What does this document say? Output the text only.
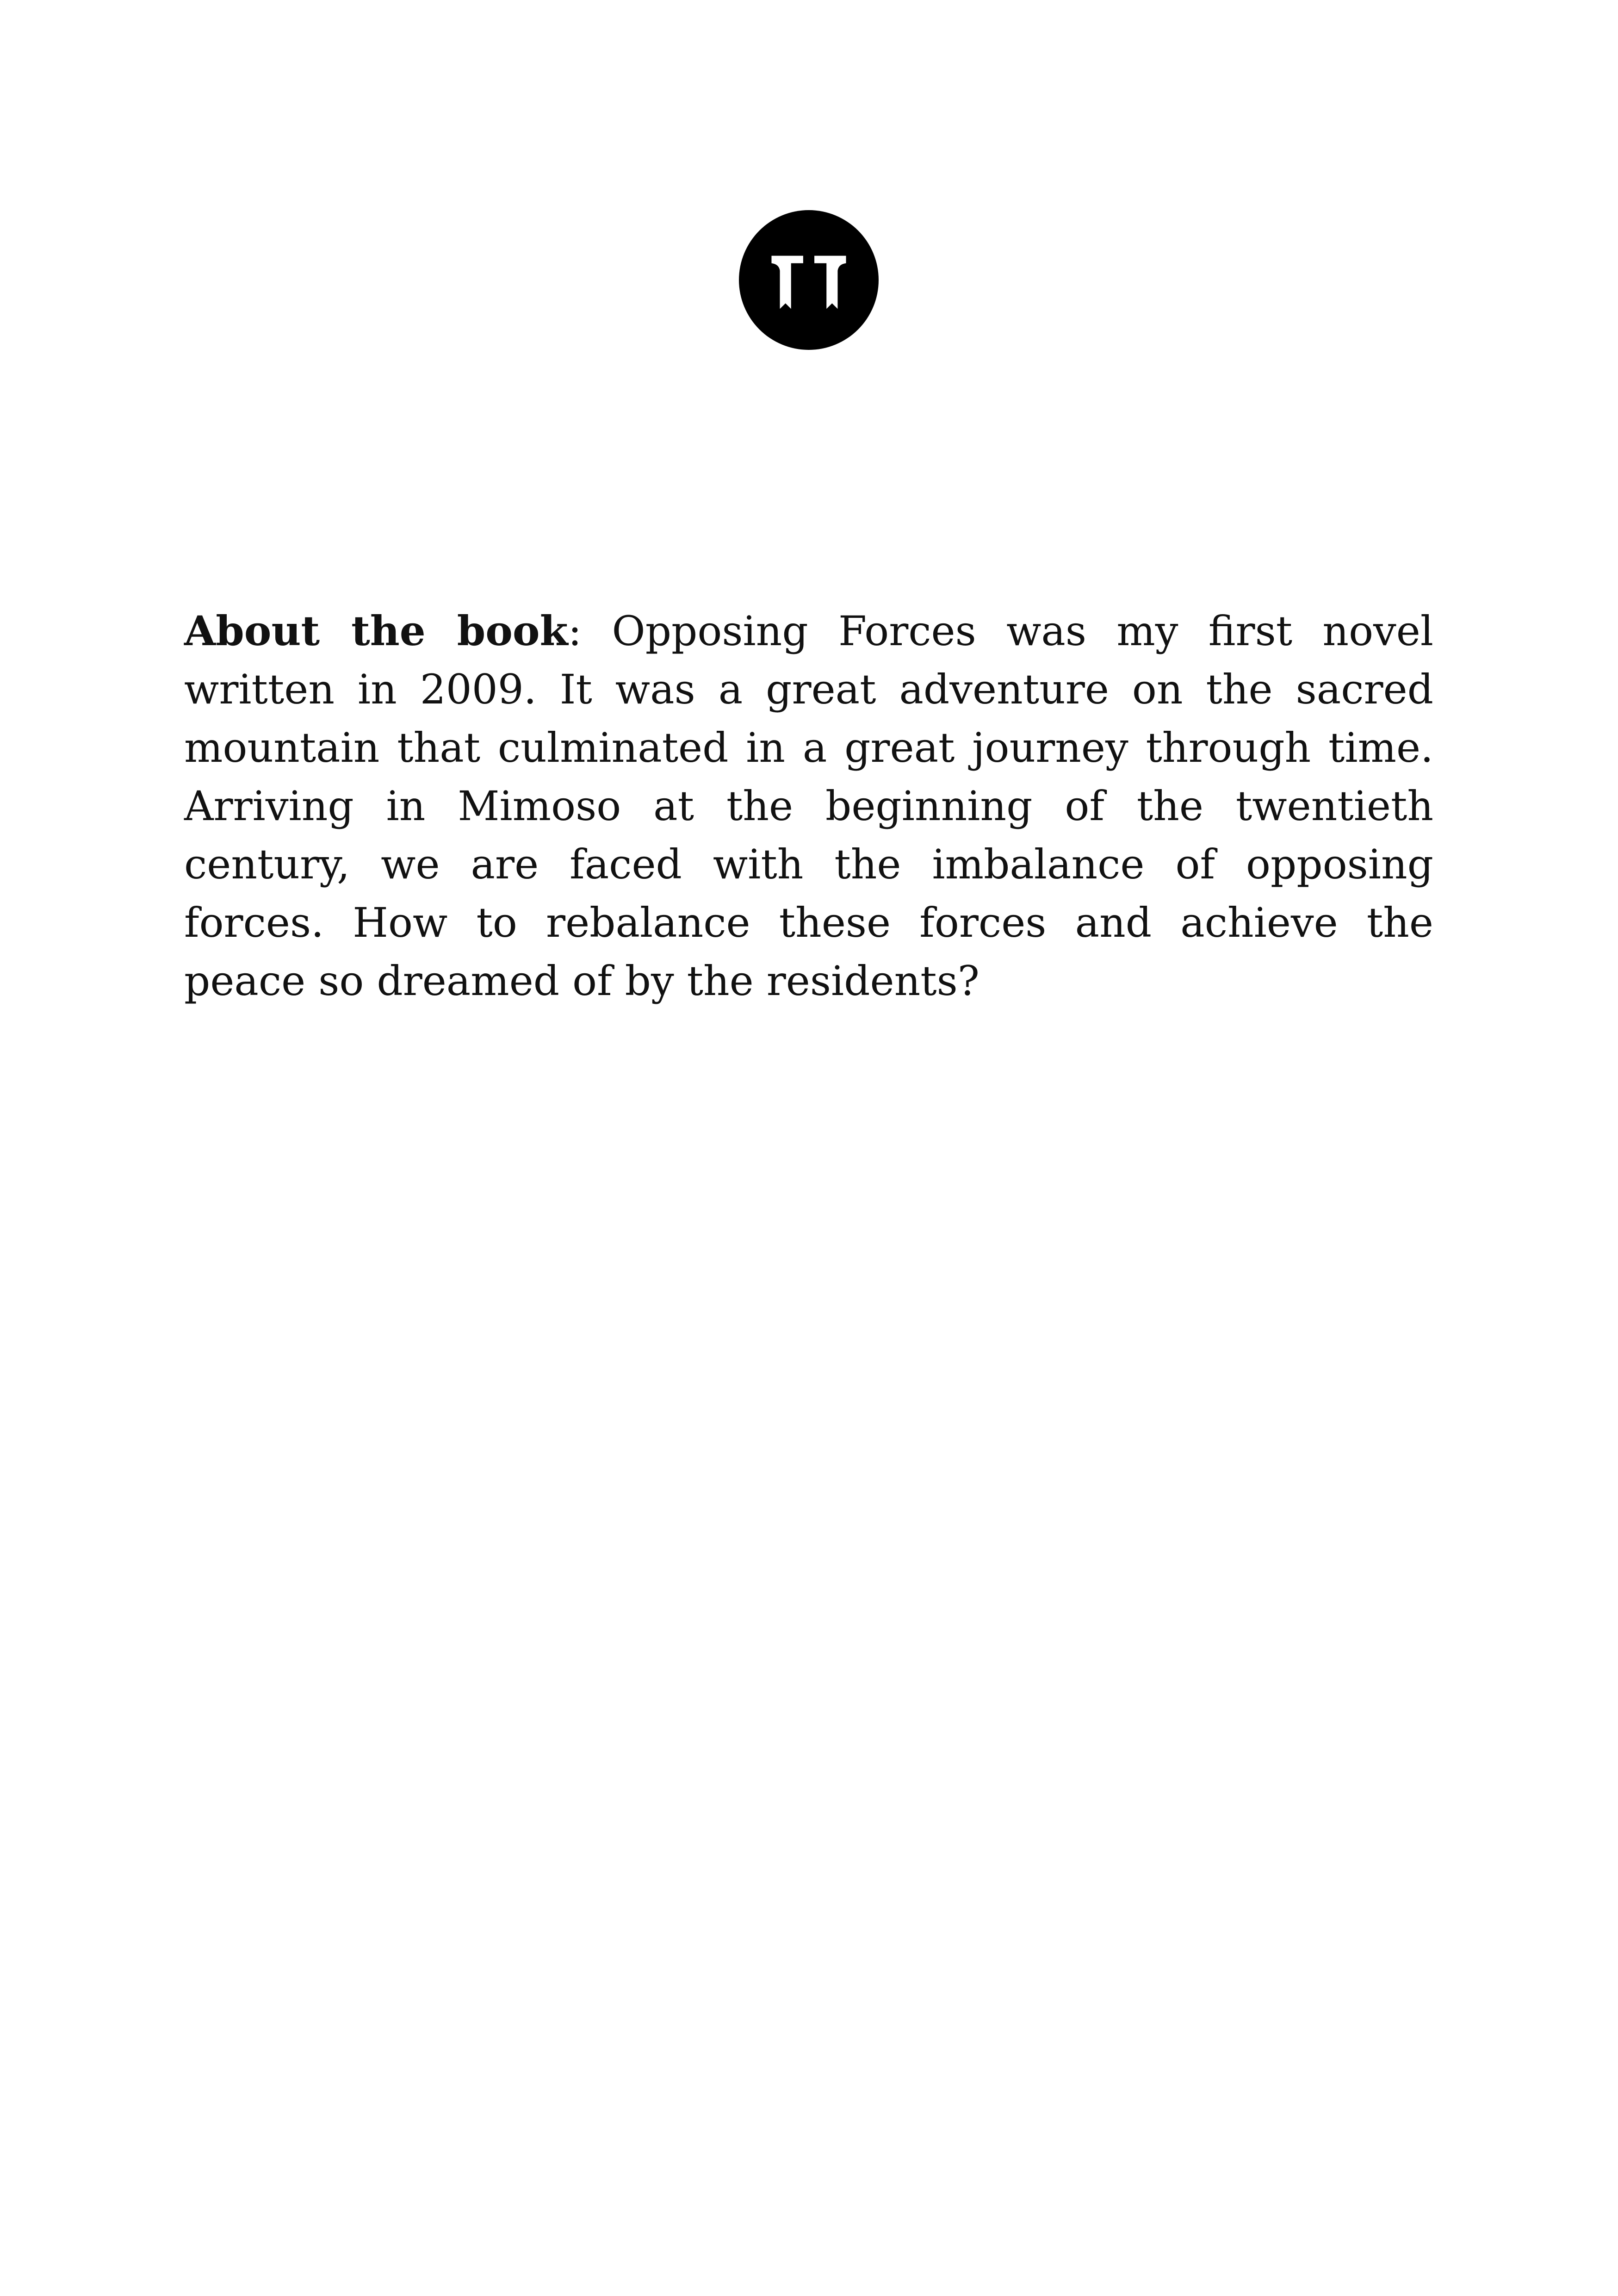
About the book: Opposing Forces was my first novel written in 2009. It was a great adventure on the sacred mountain that culminated in a great journey through time. Arriving in Mimoso at the beginning of the twentieth century, we are faced with the imbalance of opposing forces. How to rebalance these forces and achieve the peace so dreamed of by the residents?
